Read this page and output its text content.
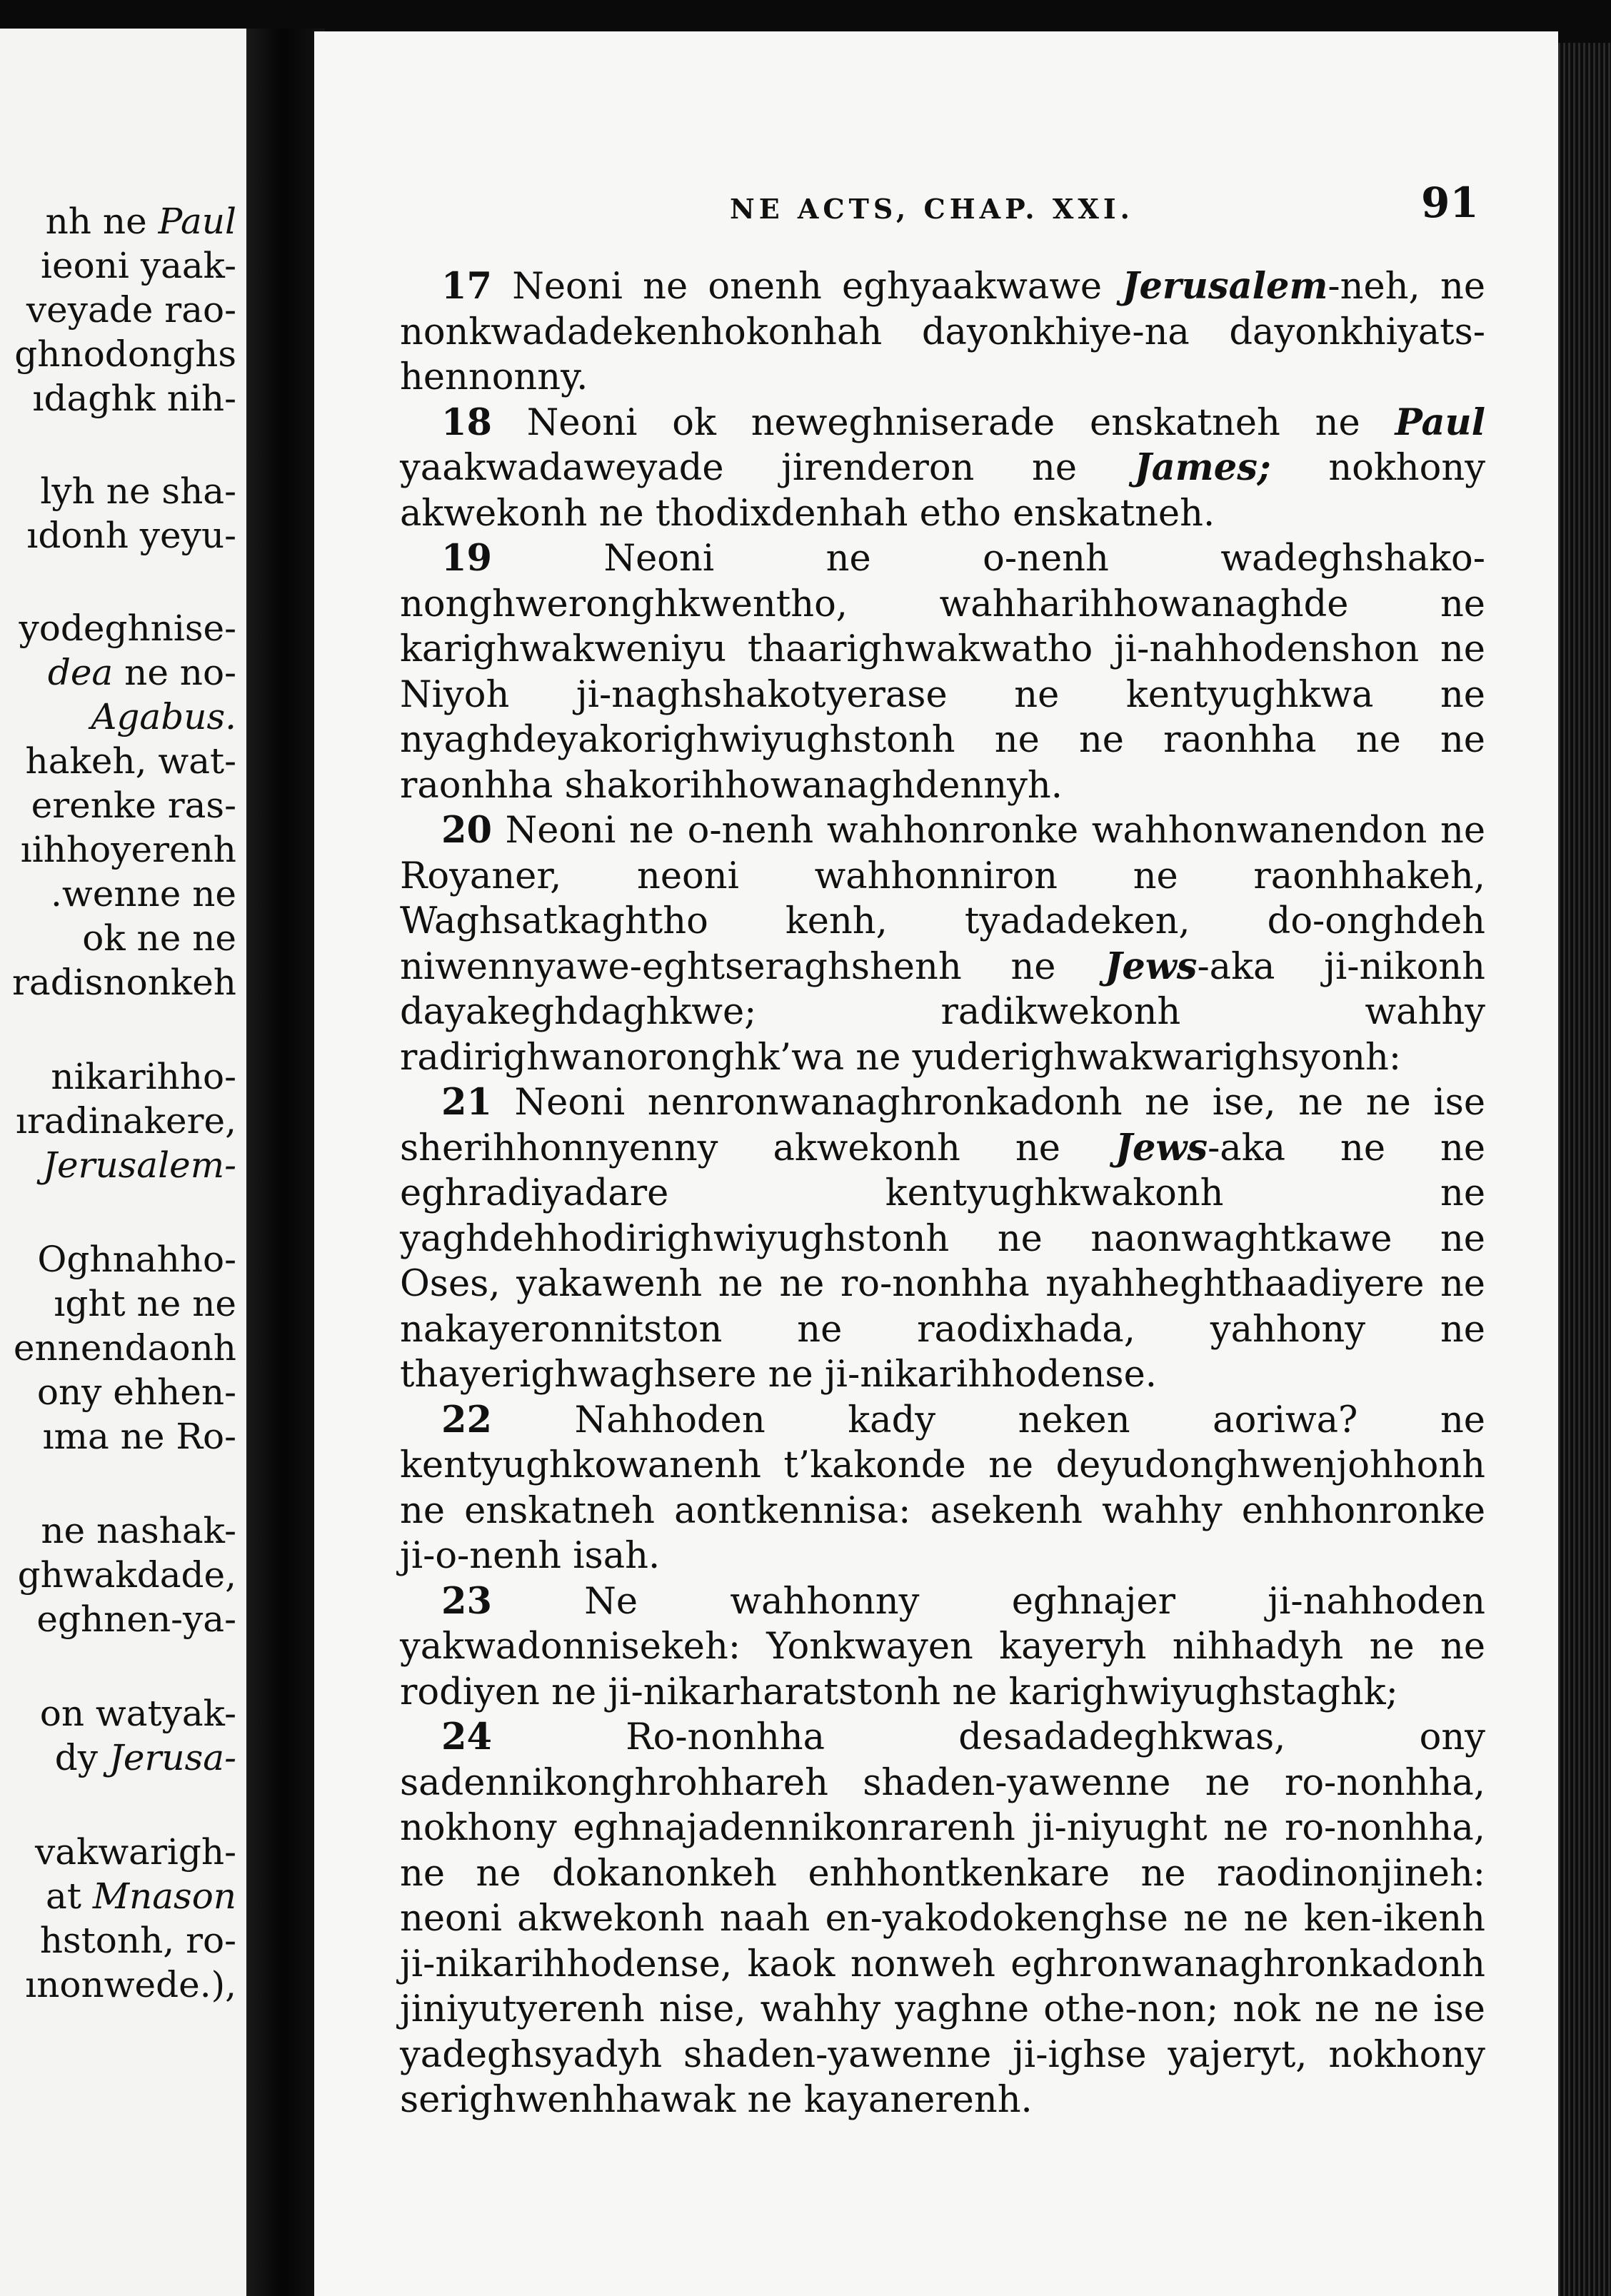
nh ne Paul
ieoni yaak-
veyade rao-
ghnodonghs
ıdaghk nih-
lyh ne sha-
ıdonh yeyu-
yodeghnise-
dea ne no-
Agabus.
hakeh, wat-
erenke ras-
ıihhoyerenh
.wenne ne
ok ne ne
radisnonkeh
nikarihho-
ıradinakere,
Jerusalem-
Oghnahho-
ıght ne ne
ennendaonh
ony ehhen-
ıma ne Ro-
ne nashak-
ghwakdade,
eghnen-ya-
on watyak-
dy Jerusa-
vakwarigh-
at Mnason
hstonh, ro-
ınonwede.),
NE ACTS, CHAP. XXI.	91

17 Neoni ne onenh eghyaakwawe Jerusalem-neh, ne nonkwadadekenhokonhah dayonkhiye-na dayonkhiyats-hennonny.

18 Neoni ok neweghniserade enskatneh ne Paul yaakwadaweyade jirenderon ne James; nokhony akwekonh ne thodixdenhah etho enskatneh.

19 Neoni ne o-nenh wadeghshako-nonghweronghkwentho, wahharihhowanaghde ne karighwakweniyu thaarighwakwatho ji-nahhodenshon ne Niyoh ji-naghshakotyerase ne kentyughkwa ne nyaghdeyakorighwiyughstonh ne ne raonhha ne ne raonhha shakorihhowanaghdennyh.

20 Neoni ne o-nenh wahhonronke wahhonwanendon ne Royaner, neoni wahhonniron ne raonhhakeh, Waghsatkaghtho kenh, tyadadeken, do-onghdeh niwennyawe-eghtseraghshenh ne Jews-aka ji-nikonh dayakeghdaghkwe; radikwekonh wahhy radirighwanoronghk’wa ne yuderighwakwarighsyonh:

21 Neoni nenronwanaghronkadonh ne ise, ne ne ise sherihhonnyenny akwekonh ne Jews-aka ne ne eghradiyadare kentyughkwakonh ne yaghdehhodirighwiyughstonh ne naonwaghtkawe ne Oses, yakawenh ne ne ro-nonhha nyahheghthaadiyere ne nakayeronnitston ne raodixhada, yahhony ne thayerighwaghsere ne ji-nikarihhodense.

22 Nahhoden kady neken aoriwa? ne kentyughkowanenh t’kakonde ne deyudonghwenjohhonh ne enskatneh aontkennisa: asekenh wahhy enhhonronke ji-o-nenh isah.

23 Ne wahhonny eghnajer ji-nahhoden yakwadonnisekeh: Yonkwayen kayeryh nihhadyh ne ne rodiyen ne ji-nikarharatstonh ne karighwiyughstaghk;

24 Ro-nonhha desadadeghkwas, ony sadennikonghrohhareh shaden-yawenne ne ro-nonhha, nokhony eghnajadennikonrarenh ji-niyught ne ro-nonhha, ne ne dokanonkeh enhhontkenkare ne raodinonjineh: neoni akwekonh naah en-yakodokenghse ne ne ken-ikenh ji-nikarihhodense, kaok nonweh eghronwanaghronkadonh jiniyutyerenh nise, wahhy yaghne othe-non; nok ne ne ise yadeghsyadyh shaden-yawenne ji-ighse yajeryt, nokhony serighwenhhawak ne kayanerenh.
